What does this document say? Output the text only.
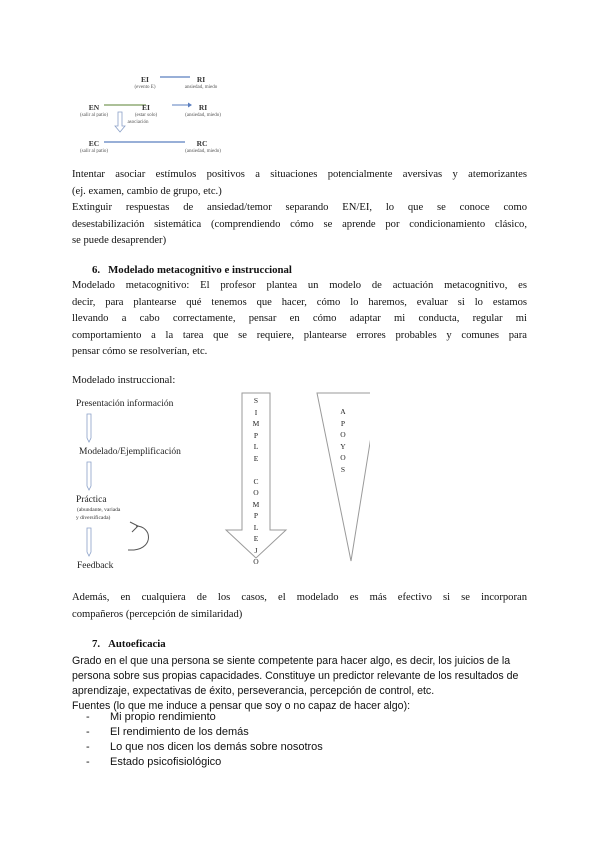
EI
(evento E)
RI
ansiedad, miedo
EN
(salir al patio)
EI
(estar solo)
RI
(ansiedad, miedo)
asociación
EC
(salir al patio)
RC
(ansiedad, miedo)

Intentar asociar estímulos positivos a situaciones potencialmente aversivas y atemorizantes

(ej. examen, cambio de grupo, etc.)

Extinguir respuestas de ansiedad/temor separando EN/EI, lo que se conoce como

desestabilización sistemática (comprendiendo cómo se aprende por condicionamiento clásico,

se puede desaprender)

6. Modelado metacognitivo e instruccional

Modelado metacognitivo: El profesor plantea un modelo de actuación metacognitivo, es

decir, para plantearse qué tenemos que hacer, cómo lo haremos, evaluar si lo estamos

llevando a cabo correctamente, pensar en cómo adaptar mi conducta, regular mi

comportamiento a la tarea que se requiere, plantearse errores probables y comunes para

pensar cómo se resolverían, etc.

Modelado instruccional:
Presentación información
Modelado/Ejemplificación
Práctica
(abundante, variada
y diversificada)
Feedback
S
I
M
P
L
E

C
O
M
P
L
E
J
O
A
P
O
Y
O
S

Además, en cualquiera de los casos, el modelado es más efectivo si se incorporan

compañeros (percepción de similaridad)

7. Autoeficacia

Grado en el que una persona se siente competente para hacer algo, es decir, los juicios de la

persona sobre sus propias capacidades. Constituye un predictor relevante de los resultados de

aprendizaje, expectativas de éxito, perseverancia, percepción de control, etc.

Fuentes (lo que me induce a pensar que soy o no capaz de hacer algo):

-	Mi propio rendimiento
-	El rendimiento de los demás
-	Lo que nos dicen los demás sobre nosotros
-	Estado psicofisiológico
